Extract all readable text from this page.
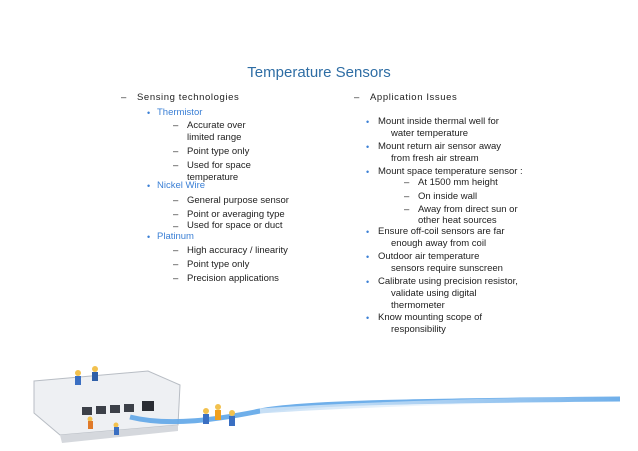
Temperature Sensors
– Sensing technologies
• Thermistor
– Accurate over
limited range
– Point type only
– Used for space
temperature
• Nickel Wire
– General purpose sensor
– Point or averaging type
– Used for space or duct
• Platinum
– High accuracy / linearity
– Point type only
– Precision applications
– Application Issues
• Mount inside thermal well for
water temperature
• Mount return air sensor away
from fresh air stream
• Mount space temperature sensor :
– At 1500 mm height
– On inside wall
– Away from direct sun or
other heat sources
• Ensure off-coil sensors are far
enough away from coil
• Outdoor air temperature
sensors require sunscreen
• Calibrate using precision resistor,
validate using digital
thermometer
• Know mounting scope of
responsibility
